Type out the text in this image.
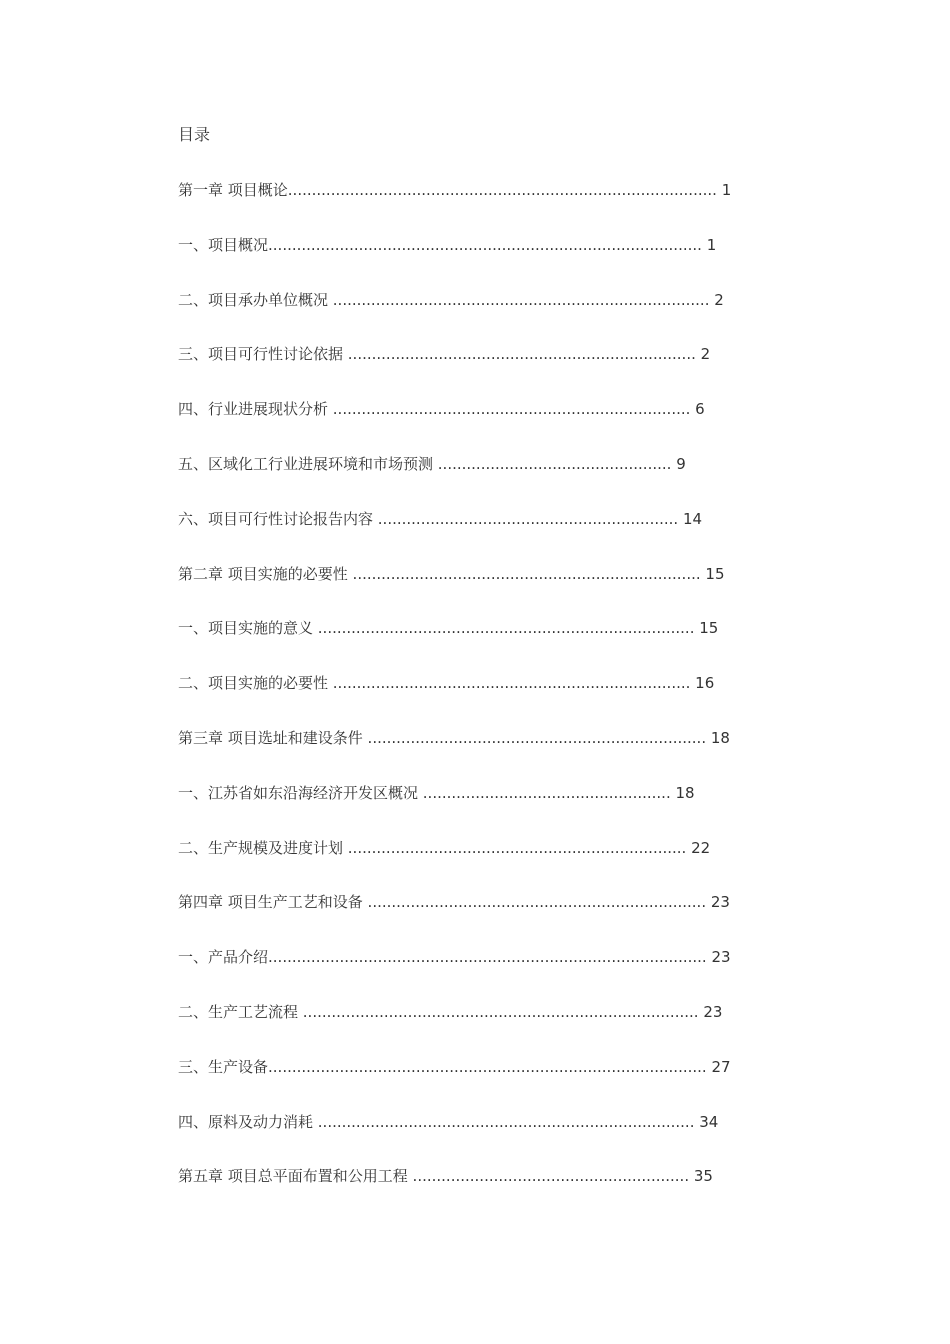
目录
第一章 项目概论.......................................................................................... 1
一、项目概况........................................................................................... 1
二、项目承办单位概况 ............................................................................... 2
三、项目可行性讨论依据 ......................................................................... 2
四、行业进展现状分析 ........................................................................... 6
五、区域化工行业进展环境和市场预测 ................................................. 9
六、项目可行性讨论报告内容 ............................................................... 14
第二章 项目实施的必要性 ......................................................................... 15
一、项目实施的意义 ............................................................................... 15
二、项目实施的必要性 ........................................................................... 16
第三章 项目选址和建设条件 ....................................................................... 18
一、江苏省如东沿海经济开发区概况 .................................................... 18
二、生产规模及进度计划 ....................................................................... 22
第四章 项目生产工艺和设备 ....................................................................... 23
一、产品介绍............................................................................................ 23
二、生产工艺流程 ................................................................................... 23
三、生产设备............................................................................................ 27
四、原料及动力消耗 ............................................................................... 34
第五章 项目总平面布置和公用工程 .......................................................... 35
